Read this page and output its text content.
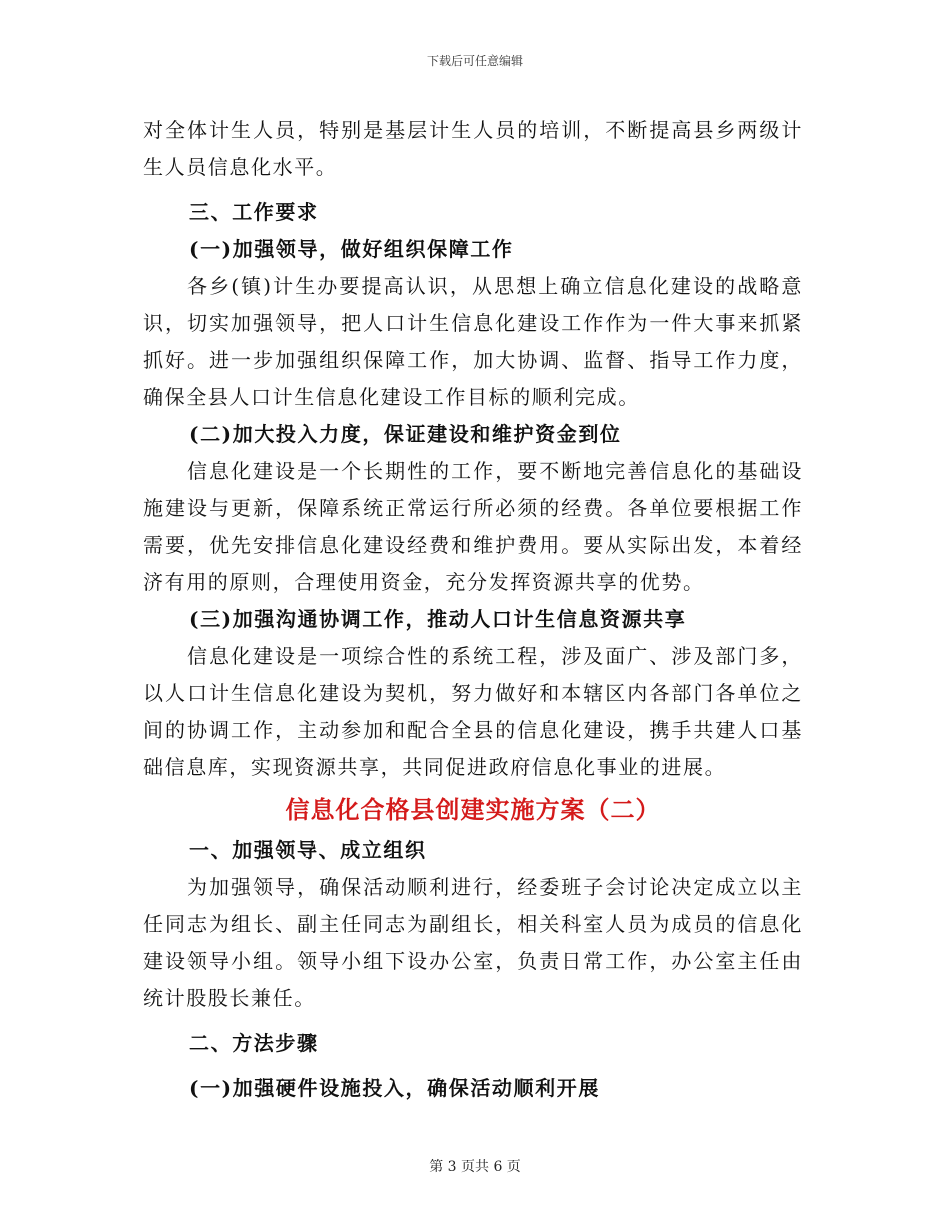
下载后可任意编辑

对全体计生人员，特别是基层计生人员的培训，不断提高县乡两级计生人员信息化水平。

三、工作要求

(一)加强领导，做好组织保障工作

各乡(镇)计生办要提高认识，从思想上确立信息化建设的战略意识，切实加强领导，把人口计生信息化建设工作作为一件大事来抓紧抓好。进一步加强组织保障工作，加大协调、监督、指导工作力度，确保全县人口计生信息化建设工作目标的顺利完成。

(二)加大投入力度，保证建设和维护资金到位

信息化建设是一个长期性的工作，要不断地完善信息化的基础设施建设与更新，保障系统正常运行所必须的经费。各单位要根据工作需要，优先安排信息化建设经费和维护费用。要从实际出发，本着经济有用的原则，合理使用资金，充分发挥资源共享的优势。

(三)加强沟通协调工作，推动人口计生信息资源共享

信息化建设是一项综合性的系统工程，涉及面广、涉及部门多，以人口计生信息化建设为契机，努力做好和本辖区内各部门各单位之间的协调工作，主动参加和配合全县的信息化建设，携手共建人口基础信息库，实现资源共享，共同促进政府信息化事业的进展。

信息化合格县创建实施方案（二）

一、加强领导、成立组织

为加强领导，确保活动顺利进行，经委班子会讨论决定成立以主任同志为组长、副主任同志为副组长，相关科室人员为成员的信息化建设领导小组。领导小组下设办公室，负责日常工作，办公室主任由统计股股长兼任。

二、方法步骤

(一)加强硬件设施投入，确保活动顺利开展

第 3 页共 6 页
